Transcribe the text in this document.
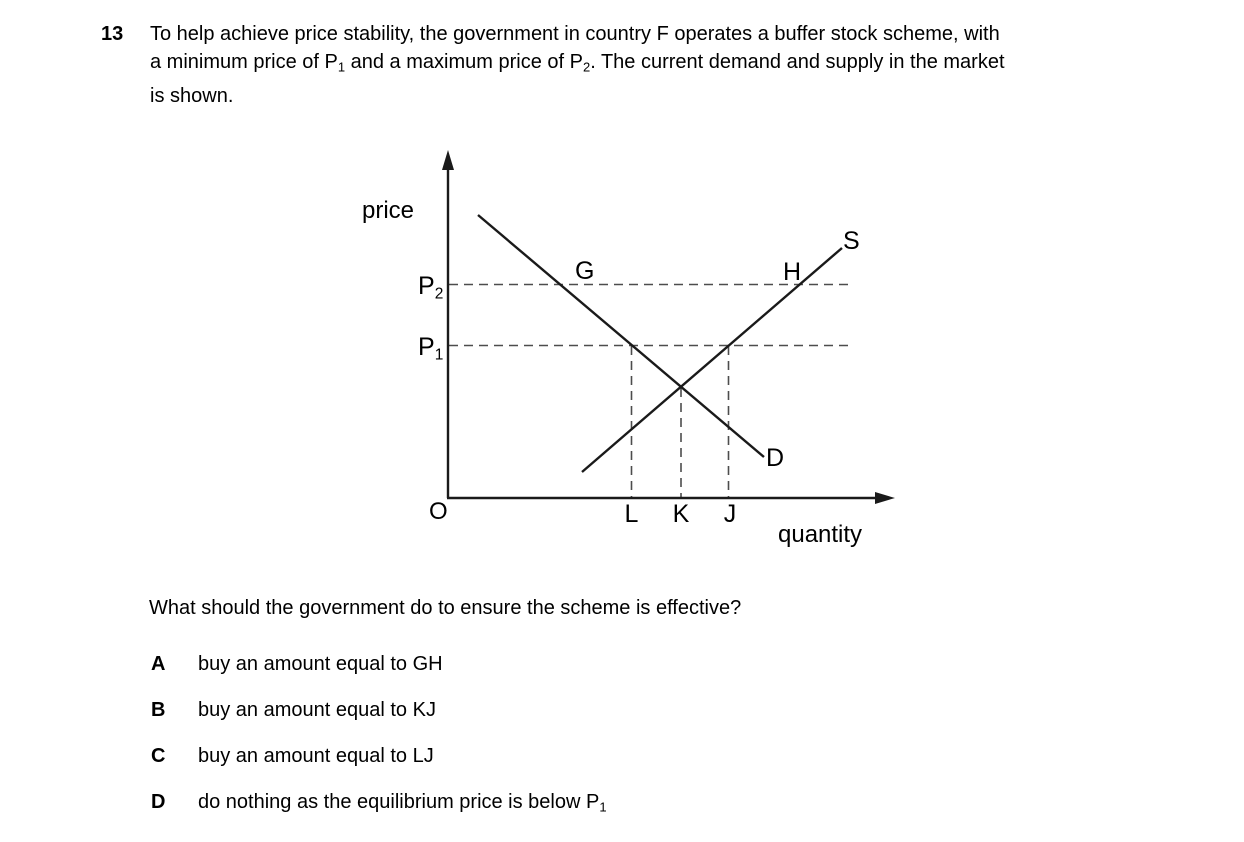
13 To help achieve price stability, the government in country F operates a buffer stock scheme, with
a minimum price of $P_1$ and a maximum price of $P_2$. The current demand and supply in the market
is shown.
price
quantity
O
$P_2$
$P_1$
G	H
S
D
L K J
What should the government do to ensure the scheme is effective?
A buy an amount equal to GH
B buy an amount equal to KJ
C buy an amount equal to LJ
D do nothing as the equilibrium price is below $P_1$
